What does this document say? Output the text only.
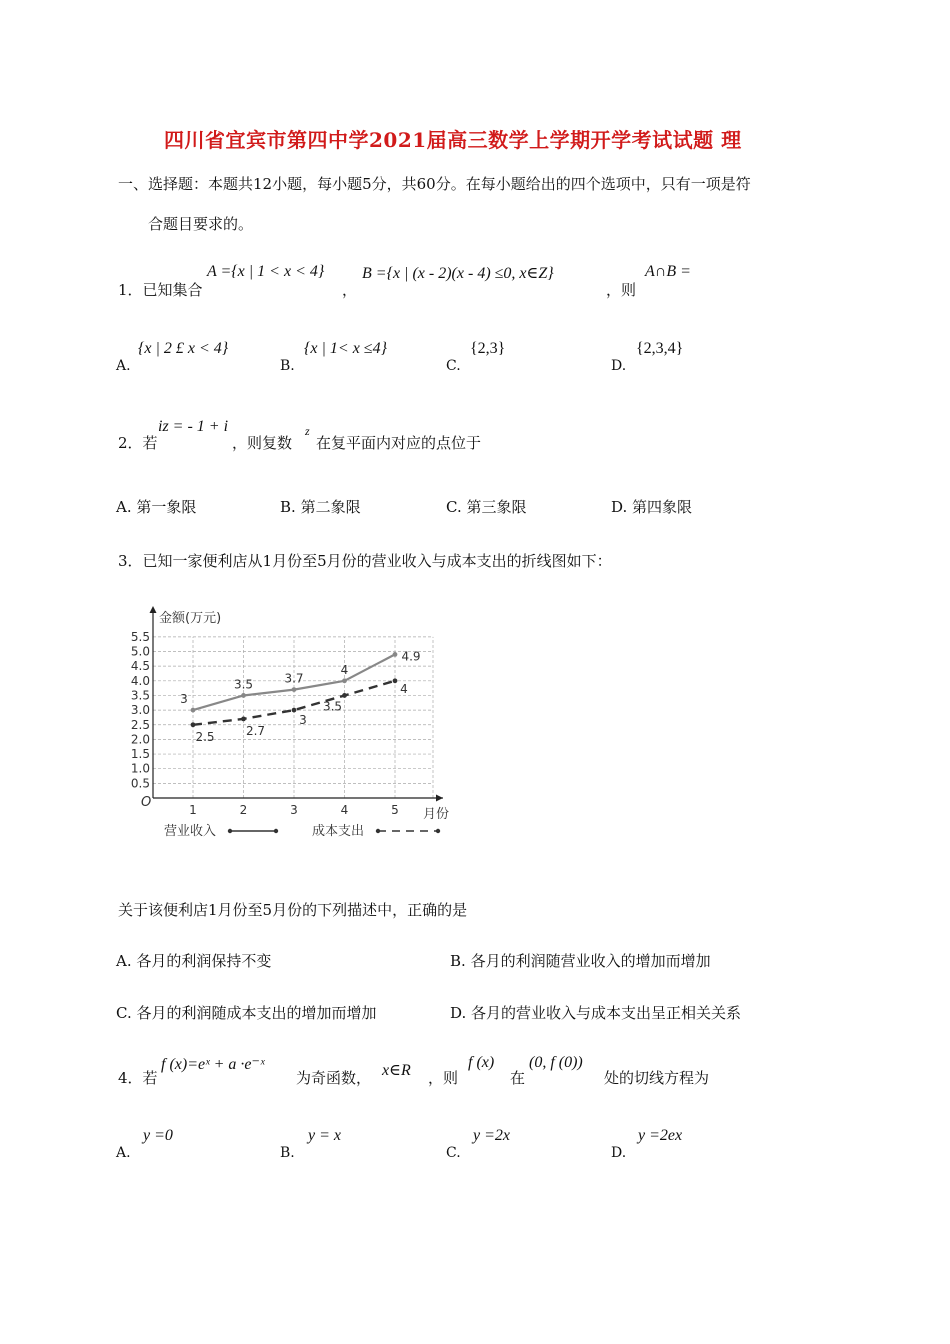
四川省宜宾市第四中学2021届高三数学上学期开学考试试题 理
一、选择题：本题共12小题，每小题5分，共60分。在每小题给出的四个选项中，只有一项是符
合题目要求的。
1．已知集合
A ={x | 1 < x < 4}
，
B ={x | (x - 2)(x - 4) ≤0, x∈Z}
，则
A∩B =
A.
{x | 2 £ x < 4}
B.
{x | 1< x ≤4}
C.
{2,3}
D.
{2,3,4}
2．若
iz = - 1 + i
，则复数
z
在复平面内对应的点位于
A. 第一象限	B. 第二象限	C. 第三象限	D. 第四象限
3．已知一家便利店从1月份至5月份的营业收入与成本支出的折线图如下：
0.5
1.0
1.5
2.0
2.5
3.0
3.5
4.0
4.5
5.0
5.5
1	2	3	4	5
O
金额(万元)
月份
3
3.5	3.7
4
4.9
2.5	2.7
3
3.5
4
营业收入	成本支出
关于该便利店1月份至5月份的下列描述中，正确的是
A. 各月的利润保持不变	B. 各月的利润随营业收入的增加而增加
C. 各月的利润随成本支出的增加而增加	D. 各月的营业收入与成本支出呈正相关关系
4．若
f (x)=eˣ + a ·e⁻ˣ
为奇函数， x∈R ，则
f (x)
在
(0, f (0))
处的切线方程为
A.
y =0
B.
y = x
C.
y =2x
D.
y =2ex
